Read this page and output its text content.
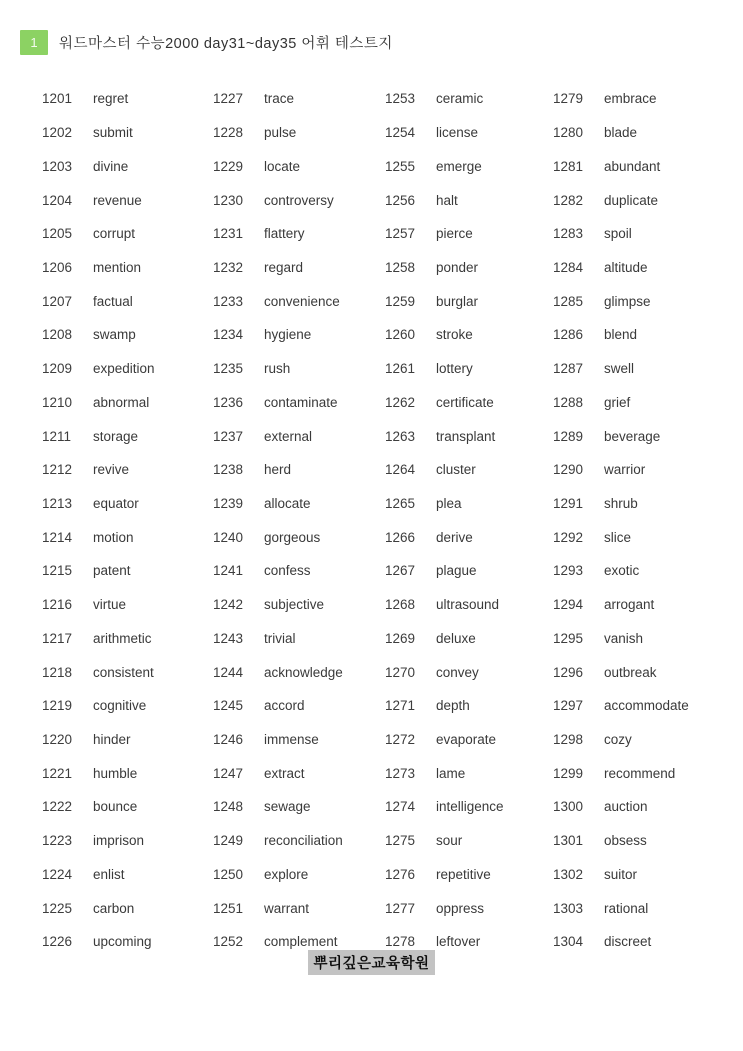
1	워드마스터 수능2000 day31~day35 어휘 테스트지
1201 regret
1202 submit
1203 divine
1204 revenue
1205 corrupt
1206 mention
1207 factual
1208 swamp
1209 expedition
1210 abnormal
1211	storage
1212 revive
1213 equator
1214 motion
1215 patent
1216 virtue
1217 arithmetic
1218 consistent
1219 cognitive
1220 hinder
1221 humble
1222 bounce
1223 imprison
1224 enlist
1225 carbon
1226 upcoming
1227 trace
1228 pulse
1229 locate
1230 controversy
1231 flattery
1232 regard
1233 convenience
1234 hygiene
1235 rush
1236 contaminate
1237 external
1238 herd
1239 allocate
1240 gorgeous
1241 confess
1242 subjective
1243 trivial
1244 acknowledge
1245 accord
1246 immense
1247 extract
1248 sewage
1249 reconciliation
1250 explore
1251 warrant
1252 complement
1253 ceramic
1254 license
1255 emerge
1256 halt
1257 pierce
1258 ponder
1259 burglar
1260 stroke
1261 lottery
1262 certificate
1263 transplant
1264 cluster
1265 plea
1266 derive
1267 plague
1268 ultrasound
1269 deluxe
1270 convey
1271 depth
1272 evaporate
1273 lame
1274 intelligence
1275 sour
1276 repetitive
1277 oppress
1278 leftover
1279 embrace
1280 blade
1281 abundant
1282 duplicate
1283 spoil
1284 altitude
1285 glimpse
1286 blend
1287 swell
1288 grief
1289 beverage
1290 warrior
1291 shrub
1292 slice
1293 exotic
1294 arrogant
1295 vanish
1296 outbreak
1297 accommodate
1298 cozy
1299 recommend
1300 auction
1301 obsess
1302 suitor
1303 rational
1304 discreet
뿌리깊은교육학원
